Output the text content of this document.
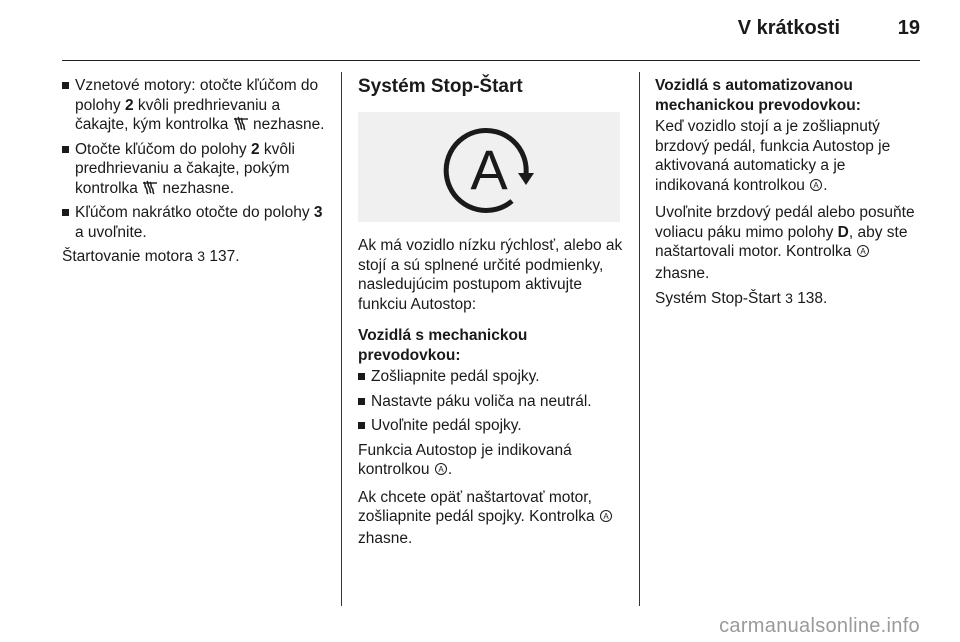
V krátkosti	19
Vznetové motory: otočte kľúčom do polohy 2 kvôli predhrievaniu a čakajte, kým kontrolka  nezhasne.
Otočte kľúčom do polohy 2 kvôli predhrievaniu a čakajte, pokým kontrolka  nezhasne.
Kľúčom nakrátko otočte do polohy 3 a uvoľnite.

Štartovanie motora 3 137.

Systém Stop-Štart
A

Ak má vozidlo nízku rýchlosť, alebo ak stojí a sú splnené určité podmienky, nasledujúcim postupom aktivujte funkciu Autostop:

Vozidlá s mechanickou prevodovkou:

Zošliapnite pedál spojky.
Nastavte páku voliča na neutrál.
Uvoľnite pedál spojky.

Funkcia Autostop je indikovaná kontrolkou A .

Ak chcete opäť naštartovať motor, zošliapnite pedál spojky. Kontrolka A
zhasne.

Vozidlá s automatizovanou mechanickou prevodovkou:

Keď vozidlo stojí a je zošliapnutý brzdový pedál, funkcia Autostop je aktivovaná automaticky a je indikovaná kontrolkou A .

Uvoľnite brzdový pedál alebo posuňte voliacu páku mimo polohy D, aby ste naštartovali motor. Kontrolka A
zhasne.

Systém Stop-Štart 3 138.

carmanualsonline.info
